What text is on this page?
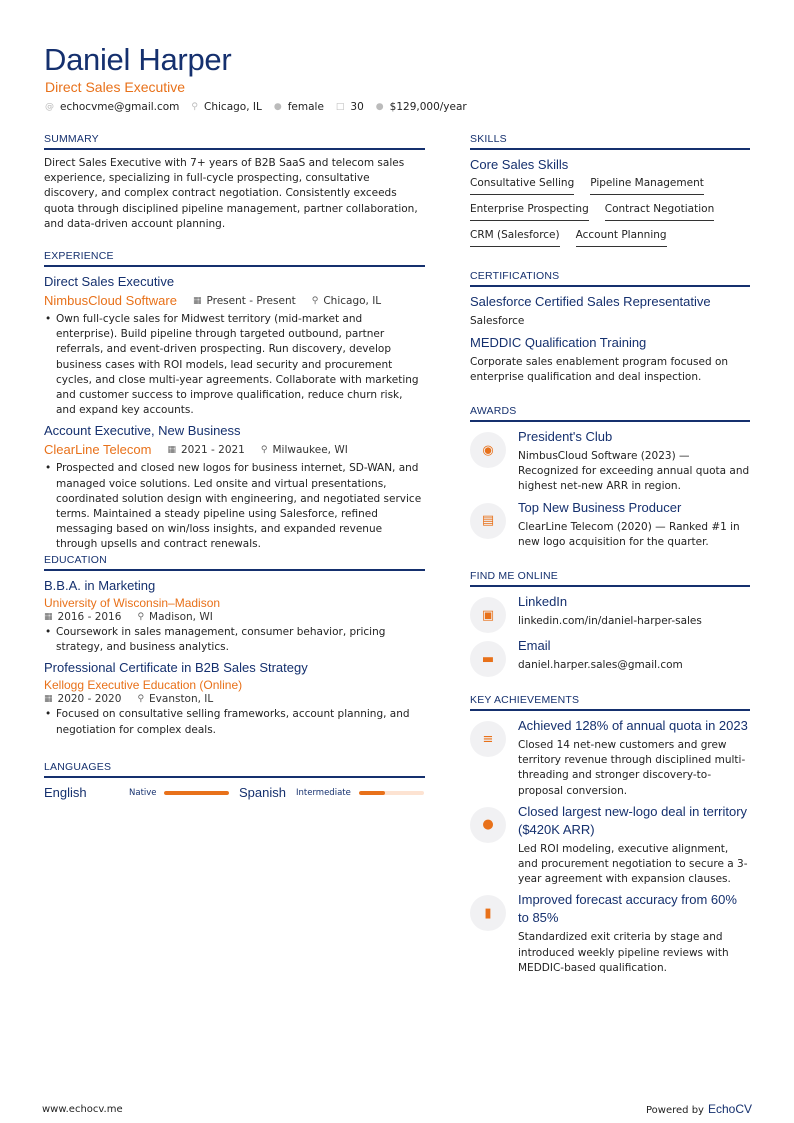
Daniel Harper
Direct Sales Executive
@ echocvme@gmail.com ⚲ Chicago, IL ● female □ 30 ● $129,000/year
SUMMARY
Direct Sales Executive with 7+ years of B2B SaaS and telecom sales experience, specializing in full-cycle prospecting, consultative discovery, and complex contract negotiation. Consistently exceeds quota through disciplined pipeline management, partner collaboration, and data-driven account planning.
EXPERIENCE
Direct Sales Executive
NimbusCloud Software ▦ Present - Present ⚲ Chicago, IL
• Own full-cycle sales for Midwest territory (mid-market and enterprise). Build pipeline through targeted outbound, partner referrals, and event-driven prospecting. Run discovery, develop business cases with ROI models, lead security and procurement cycles, and close multi-year agreements. Collaborate with marketing and customer success to improve qualification, reduce churn risk, and expand key accounts.
Account Executive, New Business
ClearLine Telecom ▦ 2021 - 2021 ⚲ Milwaukee, WI
• Prospected and closed new logos for business internet, SD-WAN, and managed voice solutions. Led onsite and virtual presentations, coordinated solution design with engineering, and negotiated service terms. Maintained a steady pipeline using Salesforce, refined messaging based on win/loss insights, and expanded revenue through upsells and contract renewals.
EDUCATION
B.B.A. in Marketing
University of Wisconsin–Madison
▦ 2016 - 2016 ⚲ Madison, WI
• Coursework in sales management, consumer behavior, pricing strategy, and business analytics.
Professional Certificate in B2B Sales Strategy
Kellogg Executive Education (Online)
▦ 2020 - 2020 ⚲ Evanston, IL
• Focused on consultative selling frameworks, account planning, and negotiation for complex deals.
LANGUAGES
English	Native	Spanish	Intermediate
SKILLS
Core Sales Skills
Consultative Selling Pipeline Management
Enterprise Prospecting Contract Negotiation
CRM (Salesforce) Account Planning
CERTIFICATIONS
Salesforce Certified Sales Representative
Salesforce
MEDDIC Qualification Training
Corporate sales enablement program focused on enterprise qualification and deal inspection.
AWARDS
◉
President's Club
NimbusCloud Software (2023) — Recognized for exceeding annual quota and highest net-new ARR in region.
▤
Top New Business Producer
ClearLine Telecom (2020) — Ranked #1 in new logo acquisition for the quarter.
FIND ME ONLINE
▣
LinkedIn
linkedin.com/in/daniel-harper-sales
▬
Email
daniel.harper.sales@gmail.com
KEY ACHIEVEMENTS
≡
Achieved 128% of annual quota in 2023
Closed 14 net-new customers and grew territory revenue through disciplined multi-threading and stronger discovery-to-proposal conversion.
●
Closed largest new-logo deal in territory ($420K ARR)
Led ROI modeling, executive alignment, and procurement negotiation to secure a 3-year agreement with expansion clauses.
▮
Improved forecast accuracy from 60% to 85%
Standardized exit criteria by stage and introduced weekly pipeline reviews with MEDDIC-based qualification.
www.echocv.me	Powered by EchoCV
